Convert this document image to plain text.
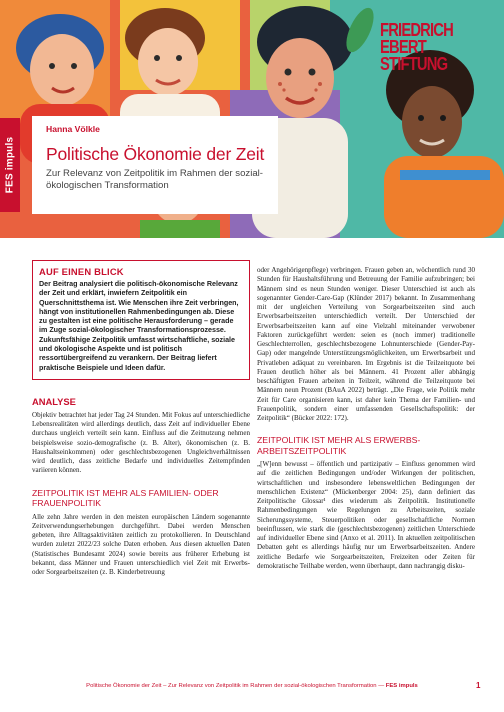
FRIEDRICH
EBERT
STIFTUNG
FES impuls
Hanna Völkle
Politische Ökonomie der Zeit
Zur Relevanz von Zeitpolitik im Rahmen der sozial-ökologischen Transformation
AUF EINEN BLICK
Der Beitrag analysiert die politisch-ökonomische Relevanz der Zeit und erklärt, inwiefern Zeitpolitik ein Querschnittsthema ist. Wie Menschen ihre Zeit verbringen, hängt von institutionellen Rahmenbedingungen ab. Diese zu gestalten ist eine politische Herausforderung – gerade im Zuge sozial-ökologischer Transformationsprozesse. Zukunftsfähige Zeitpolitik umfasst wirtschaftliche, soziale und ökologische Aspekte und ist politisch ressortübergreifend zu verankern. Der Beitrag liefert praktische Beispiele und Ideen dafür.
ANALYSE

Objektiv betrachtet hat jeder Tag 24 Stunden. Mit Fokus auf unterschiedliche Lebensrealitäten wird allerdings deutlich, dass Zeit auf individueller Ebene durchaus ungleich verteilt sein kann. Einfluss auf die Zeitnutzung nehmen beispielsweise sozio-demografische (z. B. Alter), ökonomischen (z. B. Haushaltseinkommen) oder geschlechtsbezogenen Ungleichverhältnissen wird deutlich, dass zeitliche Bedarfe und individuelles Zeitempfinden variieren können.

ZEITPOLITIK IST MEHR ALS FAMILIEN- ODER FRAUENPOLITIK

Alle zehn Jahre werden in den meisten europäischen Ländern sogenannte Zeitverwendungserhebungen durchgeführt. Dabei werden Menschen gebeten, ihre Alltagsaktivitäten zeitlich zu protokollieren. In Deutschland wurden zuletzt 2022/23 solche Daten erhoben. Aus diesen aktuellen Daten (Statistisches Bundesamt 2024) sowie bereits aus früherer Erhebung ist bekannt, dass Männer und Frauen unterschiedlich viel Zeit mit Erwerbs- oder Sorgearbeitszeiten (z. B. Kinderbetreuung

oder Angehörigenpflege) verbringen. Frauen geben an, wöchentlich rund 30 Stunden für Haushaltsführung und Betreuung der Familie aufzubringen; bei Männern sind es neun Stunden weniger. Dieser Unterschied ist auch als sogenannter Gender-Care-Gap (Klünder 2017) bekannt. In Zusammenhang mit der ungleichen Verteilung von Sorgearbeitszeiten sind auch Erwerbsarbeitszeiten unterschiedlich verteilt. Der Unterschied der Erwerbsarbeitszeiten kann auf eine Vielzahl miteinander verwobener Faktoren zurückgeführt werden: seien es (noch immer) traditionelle Geschlechterrollen, geschlechtsbezogene Lohnunterschiede (Gender-Pay-Gap) oder mangelnde Unterstützungsmöglichkeiten, um Erwerbsarbeit und Privatleben adäquat zu vereinbaren. Im Ergebnis ist die Teilzeitquote bei Frauen deutlich höher als bei Männern. 41 Prozent aller abhängig beschäftigten Frauen arbeiten in Teilzeit, während die Teilzeitquote bei Männern neun Prozent (BAuA 2022) beträgt. „Die Frage, wie Politik mehr Zeit für Care organisieren kann, ist daher kein Thema der Familien- und Frauenpolitik, sondern einer umfassenden Gesellschaftspolitik: der Zeitpolitik“ (Bücker 2022: 172).

ZEITPOLITIK IST MEHR ALS ERWERBS-ARBEITSZEITPOLITIK

„[W]enn bewusst – öffentlich und partizipativ – Einfluss genommen wird auf die zeitlichen Bedingungen und/oder Wirkungen der politischen, wirtschaftlichen und insbesondere lebensweltlichen Bedingungen der menschlichen Existenz“ (Mückenberger 2004: 25), dann definiert das Zeitpolitische Glossar¹ dies wiederum als Zeitpolitik. Institutionelle Rahmenbedingungen wie Regelungen zu Arbeitszeiten, soziale Sicherungssysteme, Steuerpolitiken oder gesellschaftliche Normen beeinflussen, wie stark die (geschlechtsbezogenen) zeitlichen Unterschiede auf individueller Ebene sind (Anxo et al. 2011). In aktuellen zeitpolitischen Debatten geht es allerdings häufig nur um Erwerbsarbeitszeiten. Andere zeitliche Bedarfe wie Sorgearbeitszeiten, Freizeiten oder Zeiten für demokratische Teilhabe werden, wenn überhaupt, dann nachrangig disku-

Politische Ökonomie der Zeit – Zur Relevanz von Zeitpolitik im Rahmen der sozial-ökologischen Transformation — FES impuls	1
